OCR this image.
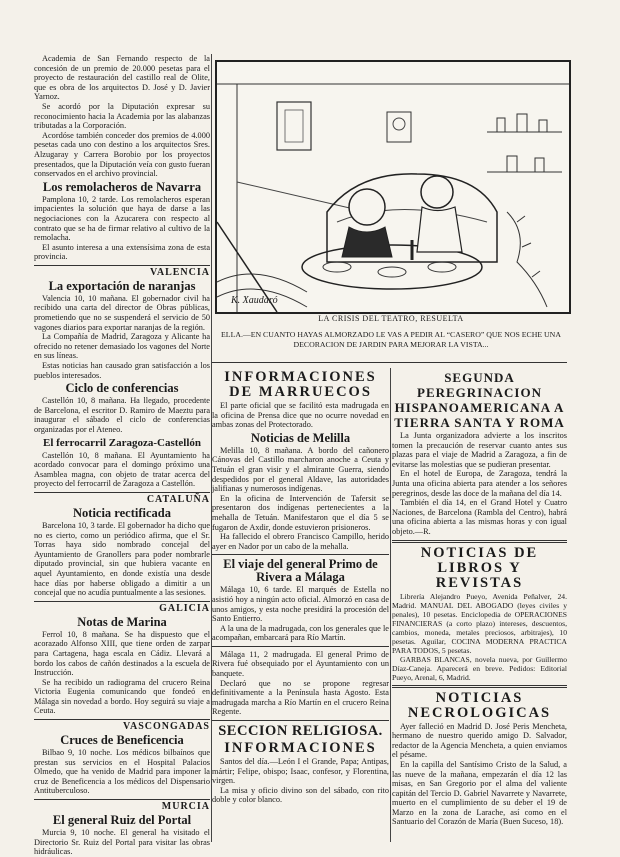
Academia de San Fernando respecto de la concesión de un premio de 20.000 pesetas para el proyecto de restauración del castillo real de Olite, que es obra de los arquitectos D. José y D. Javier Yarnoz.

Se acordó por la Diputación expresar su reconocimiento hacia la Academia por las alabanzas tributadas a la Corporación.

Acordóse también conceder dos premios de 4.000 pesetas cada uno con destino a los arquitectos Sres. Alzugaray y Carrera Borobio por los proyectos presentados, que la Diputación veía con gusto fueran conservados en el archivo provincial.

Los remolacheros de Navarra

Pamplona 10, 2 tarde. Los remolacheros esperan impacientes la solución que haya de darse a las negociaciones con la Azucarera con respecto al contrato que se ha de firmar relativo al cultivo de la remolacha.

El asunto interesa a una extensísima zona de esta provincia.

VALENCIA
La exportación de naranjas

Valencia 10, 10 mañana. El gobernador civil ha recibido una carta del director de Obras públicas, prometiendo que no se suspenderá el servicio de 50 vagones diarios para exportar naranjas de la región.

La Compañía de Madrid, Zaragoza y Alicante ha ofrecido no retener demasiado los vagones del Norte en sus líneas.

Estas noticias han causado gran satisfacción a los pueblos interesados.

Ciclo de conferencias

Castellón 10, 8 mañana. Ha llegado, procedente de Barcelona, el escritor D. Ramiro de Maeztu para inaugurar el sábado el ciclo de conferencias organizadas por el Ateneo.

El ferrocarril Zaragoza-Castellón

Castellón 10, 8 mañana. El Ayuntamiento ha acordado convocar para el domingo próximo una Asamblea magna, con objeto de tratar acerca del proyecto del ferrocarril de Zaragoza a Castellón.

CATALUÑA
Noticia rectificada

Barcelona 10, 3 tarde. El gobernador ha dicho que no es cierto, como un periódico afirma, que el Sr. Torras haya sido nombrado concejal del Ayuntamiento de Granollers para poder nombrarle diputado provincial, sin que hubiera vacante en aquel Ayuntamiento, en donde existía una desde hace días por haberse obligado a dimitir a un concejal que no acudía puntualmente a las sesiones.

GALICIA
Notas de Marina

Ferrol 10, 8 mañana. Se ha dispuesto que el acorazado Alfonso XIII, que tiene orden de zarpar para Cartagena, haga escala en Cádiz. Llevará a bordo los cabos de cañón destinados a la escuela de Instrucción.

Se ha recibido un radiograma del crucero Reina Victoria Eugenia comunicando que fondeó en Málaga sin novedad a bordo. Hoy seguirá su viaje a Ceuta.

VASCONGADAS
Cruces de Beneficencia

Bilbao 9, 10 noche. Los médicos bilbaínos que prestan sus servicios en el Hospital Palacios Olmedo, que ha venido de Madrid para imponer la cruz de Beneficencia a los médicos del Dispensario Antituberculoso.

MURCIA
El general Ruiz del Portal

Murcia 9, 10 noche. El general ha visitado el Directorio Sr. Ruiz del Portal para visitar las obras hidráulicas.

K. Xaudaró
LA CRISIS DEL TEATRO, RESUELTA
ELLA.—EN CUANTO HAYAS ALMORZADO LE VAS A PEDIR AL “CASERO” QUE NOS ECHE UNA DECORACION DE JARDIN PARA MEJORAR LA VISTA...
INFORMACIONES DE MARRUECOS

El parte oficial que se facilitó esta madrugada en la oficina de Prensa dice que no ocurre novedad en ambas zonas del Protectorado.

Noticias de Melilla

Melilla 10, 8 mañana. A bordo del cañonero Cánovas del Castillo marcharon anoche a Ceuta y Tetuán el gran visir y el almirante Guerra, siendo despedidos por el general Aldave, las autoridades jalifianas y numerosos indígenas.

En la oficina de Intervención de Tafersit se presentaron dos indígenas pertenecientes a la mehalla de Tetuán. Manifestaron que el día 5 se fugaron de Axdir, donde estuvieron prisioneros.

Ha fallecido el obrero Francisco Campillo, herido ayer en Nador por un cabo de la mehalla.

El viaje del general Primo de Rivera a Málaga

Málaga 10, 6 tarde. El marqués de Estella no asistió hoy a ningún acto oficial. Almorzó en casa de unos amigos, y esta noche presidirá la procesión del Santo Entierro.

A la una de la madrugada, con los generales que le acompañan, embarcará para Río Martín.

Málaga 11, 2 madrugada. El general Primo de Rivera fué obsequiado por el Ayuntamiento con un banquete.

Declaró que no se propone regresar definitivamente a la Península hasta Agosto. Esta madrugada marcha a Río Martín en el crucero Reina Regente.

SECCION RELIGIOSA.
INFORMACIONES

Santos del día.—León I el Grande, Papa; Antipas, mártir; Felipe, obispo; Isaac, confesor, y Florentina, virgen.

La misa y oficio divino son del sábado, con rito doble y color blanco.

SEGUNDA PEREGRINACION HISPANOAMERICANA A TIERRA SANTA Y ROMA

La Junta organizadora advierte a los inscritos tomen la precaución de reservar cuanto antes sus plazas para el viaje de Madrid a Zaragoza, a fin de evitarse las molestias que se pudieran presentar.

En el hotel de Europa, de Zaragoza, tendrá la Junta una oficina abierta para atender a los señores peregrinos, desde las doce de la mañana del día 14.

También el día 14, en el Grand Hotel y Cuatro Naciones, de Barcelona (Rambla del Centro), habrá una oficina abierta a las mismas horas y con igual objeto.—R.

NOTICIAS DE LIBROS Y REVISTAS

Librería Alejandro Pueyo, Avenida Peñalver, 24. Madrid. MANUAL DEL ABOGADO (leyes civiles y penales), 10 pesetas. Enciclopedia de OPERACIONES FINANCIERAS (a corto plazo) intereses, descuentos, cambios, moneda, metales preciosos, arbitrajes), 10 pesetas. Aguilar, COCINA MODERNA PRACTICA PARA TODOS, 5 pesetas.

GARBAS BLANCAS, novela nueva, por Guillermo Díaz-Caneja. Aparecerá en breve. Pedidos: Editorial Pueyo, Arenal, 6, Madrid.

NOTICIAS NECROLOGICAS

Ayer falleció en Madrid D. José Peris Mencheta, hermano de nuestro querido amigo D. Salvador, redactor de la Agencia Mencheta, a quien enviamos el pésame.

En la capilla del Santísimo Cristo de la Salud, a las nueve de la mañana, empezarán el día 12 las misas, en San Gregorio por el alma del valiente capitán del Tercio D. Gabriel Navarrete y Navarrete, muerto en el cumplimiento de su deber el 19 de Marzo en la zona de Larache, así como en el Santuario del Corazón de María (Buen Suceso, 18).
